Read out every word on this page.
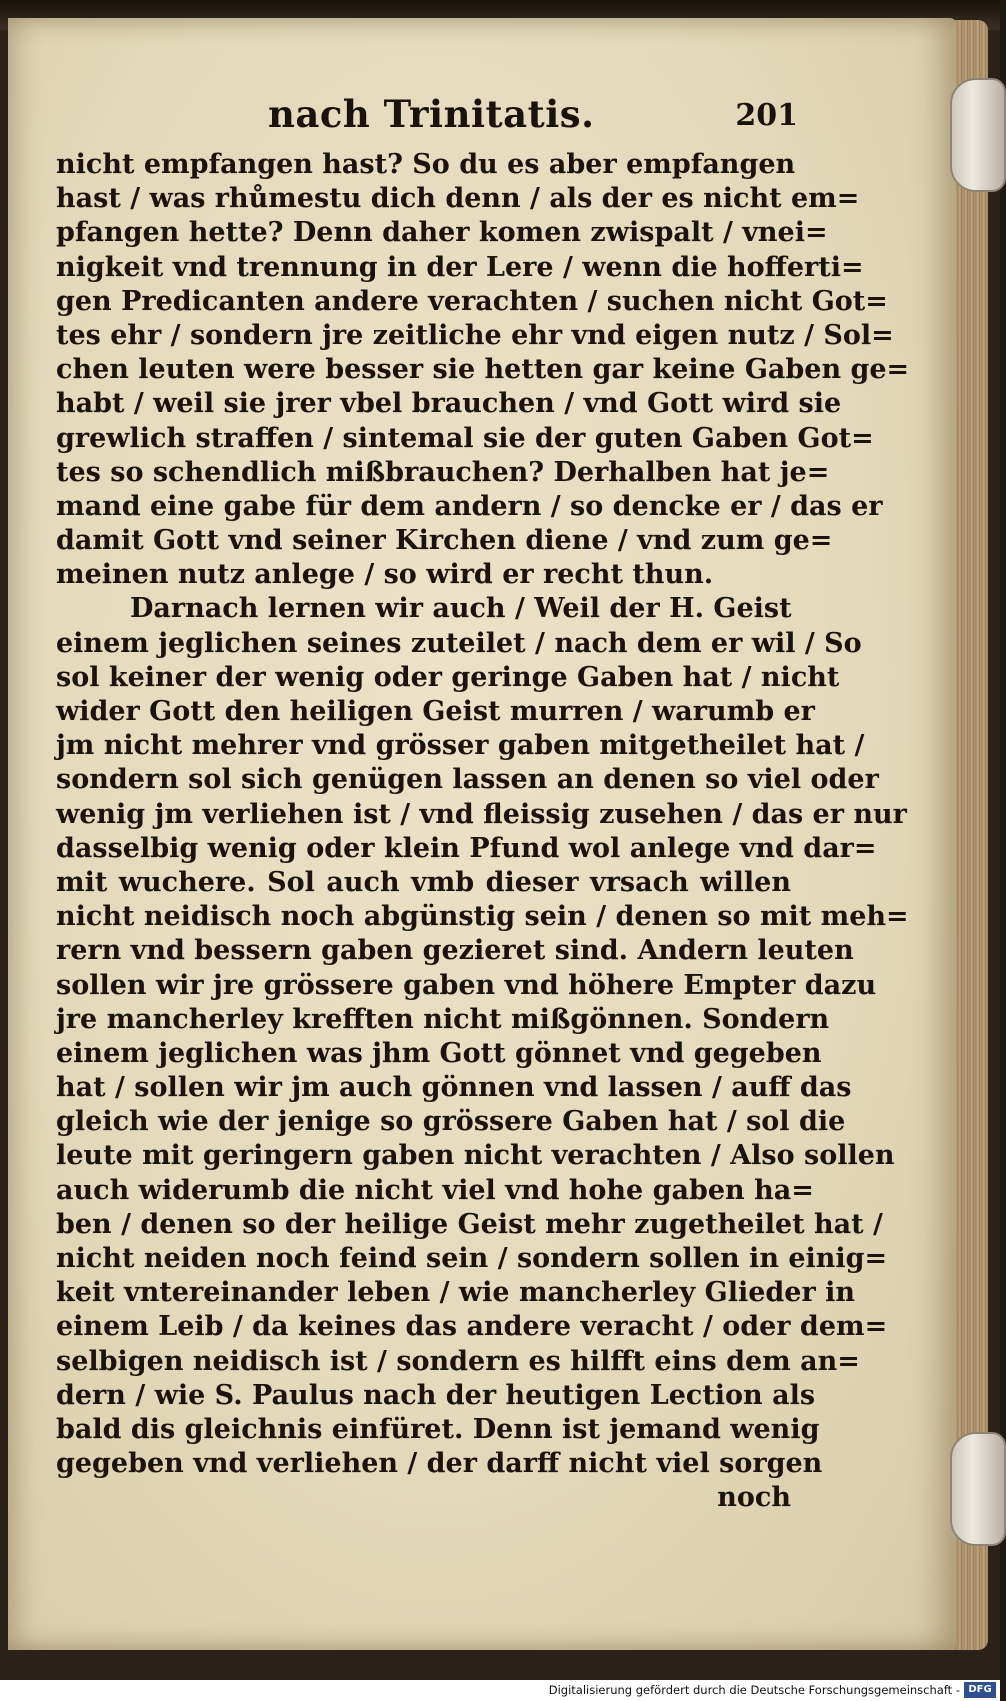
nach Trinitatis.	201
nicht empfangen hast? So du es aber empfangen
hast / was rhůmestu dich denn / als der es nicht em=
pfangen hette? Denn daher komen zwispalt / vnei=
nigkeit vnd trennung in der Lere / wenn die hofferti=
gen Predicanten andere verachten / suchen nicht Got=
tes ehr / sondern jre zeitliche ehr vnd eigen nutz / Sol=
chen leuten were besser sie hetten gar keine Gaben ge=
habt / weil sie jrer vbel brauchen / vnd Gott wird sie
grewlich straffen / sintemal sie der guten Gaben Got=
tes so schendlich mißbrauchen? Derhalben hat je=
mand eine gabe für dem andern / so dencke er / das er
damit Gott vnd seiner Kirchen diene / vnd zum ge=
meinen nutz anlege / so wird er recht thun.
Darnach lernen wir auch / Weil der H. Geist
einem jeglichen seines zuteilet / nach dem er wil / So
sol keiner der wenig oder geringe Gaben hat / nicht
wider Gott den heiligen Geist murren / warumb er
jm nicht mehrer vnd grösser gaben mitgetheilet hat /
sondern sol sich genügen lassen an denen so viel oder
wenig jm verliehen ist / vnd fleissig zusehen / das er nur
dasselbig wenig oder klein Pfund wol anlege vnd dar=
mit wuchere. Sol auch vmb dieser vrsach willen
nicht neidisch noch abgünstig sein / denen so mit meh=
rern vnd bessern gaben gezieret sind. Andern leuten
sollen wir jre grössere gaben vnd höhere Empter dazu
jre mancherley krefften nicht mißgönnen. Sondern
einem jeglichen was jhm Gott gönnet vnd gegeben
hat / sollen wir jm auch gönnen vnd lassen / auff das
gleich wie der jenige so grössere Gaben hat / sol die
leute mit geringern gaben nicht verachten / Also sollen
auch widerumb die nicht viel vnd hohe gaben ha=
ben / denen so der heilige Geist mehr zugetheilet hat /
nicht neiden noch feind sein / sondern sollen in einig=
keit vntereinander leben / wie mancherley Glieder in
einem Leib / da keines das andere veracht / oder dem=
selbigen neidisch ist / sondern es hilfft eins dem an=
dern / wie S. Paulus nach der heutigen Lection als
bald dis gleichnis einfüret. Denn ist jemand wenig
gegeben vnd verliehen / der darff nicht viel sorgen
noch
Digitalisierung gefördert durch die Deutsche Forschungsgemeinschaft - DFG
